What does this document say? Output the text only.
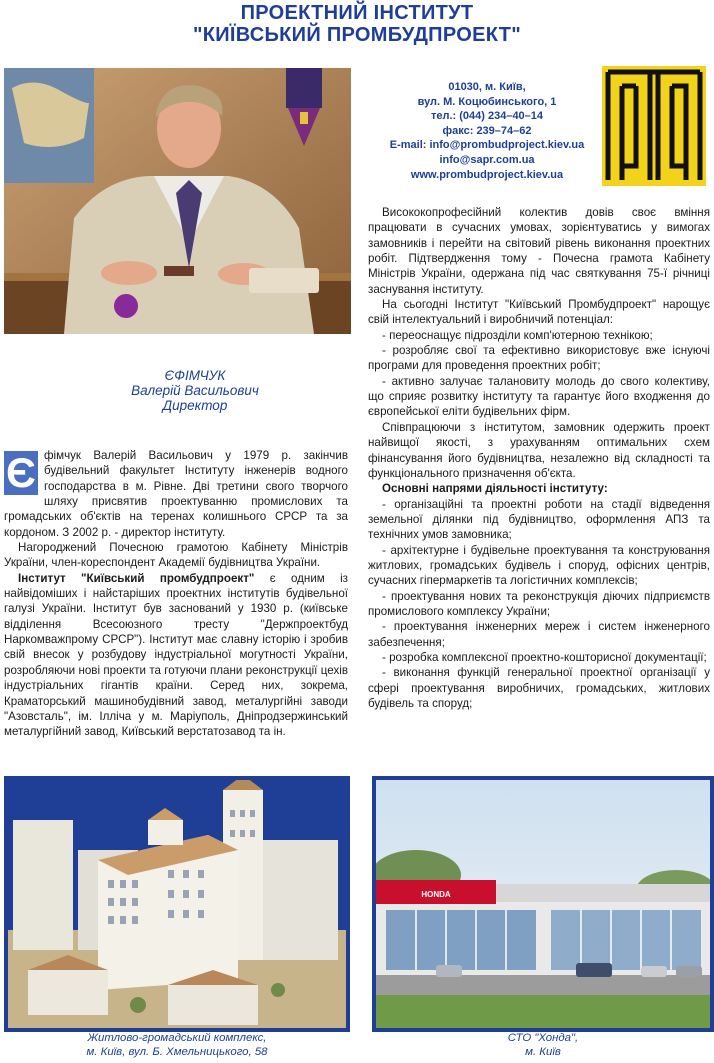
ПРОЕКТНИЙ ІНСТИТУТ
"КИЇВСЬКИЙ ПРОМБУДПРОЕКТ"
ЄФІМЧУК
Валерій Васильович
Директор
01030, м. Київ,
вул. М. Коцюбинського, 1
тел.: (044) 234–40–14
факс: 239–74–62
E-mail: info@prombudproject.kiev.ua
info@sapr.com.ua
www.prombudproject.kiev.ua

Є фімчук Валерій Васильович у 1979 р. закінчив будівельний факультет Інституту інженерів водного господарства в м. Рівне. Дві третини свого творчого шляху присвятив проектуванню промислових та громадських об'єктів на теренах колишнього СРСР та за кордоном. З 2002 р. - директор інституту.

Нагороджений Почесною грамотою Кабінету Міністрів України, член-кореспондент Академії будівництва України.

Інститут "Київський промбудпроект" є одним із найвідоміших і найстаріших проектних інститутів будівельної галузі України. Інститут був заснований у 1930 р. (київське відділення Всесоюзного тресту "Держпроектбуд Наркомважпрому СРСР"). Інститут має славну історію і зробив свій внесок у розбудову індустріальної могутності України, розробляючи нові проекти та готуючи плани реконструкції цехів індустріальних гігантів країни. Серед них, зокрема, Краматорський машинобудівний завод, металургійні заводи "Азовсталь", ім. Ілліча у м. Маріуполь, Дніпродзержинський металургійний завод, Київський верстатозавод та ін.

Висококопрофесійний колектив довів своє вміння працювати в сучасних умовах, зорієнтуватись у вимогах замовників і перейти на світовий рівень виконання проектних робіт. Підтвердження тому - Почесна грамота Кабінету Міністрів України, одержана під час святкування 75-ї річниці заснування інституту.

На сьогодні Інститут "Київський Промбудпроект" нарощує свій інтелектуальний і виробничий потенціал:

- переоснащує підрозділи комп'ютерною технікою;

- розробляє свої та ефективно використовує вже існуючі програми для проведення проектних робіт;

- активно залучає талановиту молодь до свого колективу, що сприяє розвитку інституту та гарантує його входження до європейської еліти будівельних фірм.

Співпрацюючи з інститутом, замовник одержить проект найвищої якості, з урахуванням оптимальних схем фінансування його будівництва, незалежно від складності та функціонального призначення об'єкта.

Основні напрями діяльності інституту:

- організаційні та проектні роботи на стадії відведення земельної ділянки під будівництво, оформлення АПЗ та технічних умов замовника;

- архітектурне і будівельне проектування та конструювання житлових, громадських будівель і споруд, офісних центрів, сучасних гіпермаркетів та логістичних комплексів;

- проектування нових та реконструкція діючих підприємств промислового комплексу України;

- проектування інженерних мереж і систем інженерного забезпечення;

- розробка комплексної проектно-кошторисної документації;

- виконання функцій генеральної проектної організації у сфері проектування виробничих, громадських, житлових будівель та споруд;

Житлово-громадський комплекс,
м. Київ, вул. Б. Хмельницького, 58
HONDA
СТО "Хонда",
м. Київ
